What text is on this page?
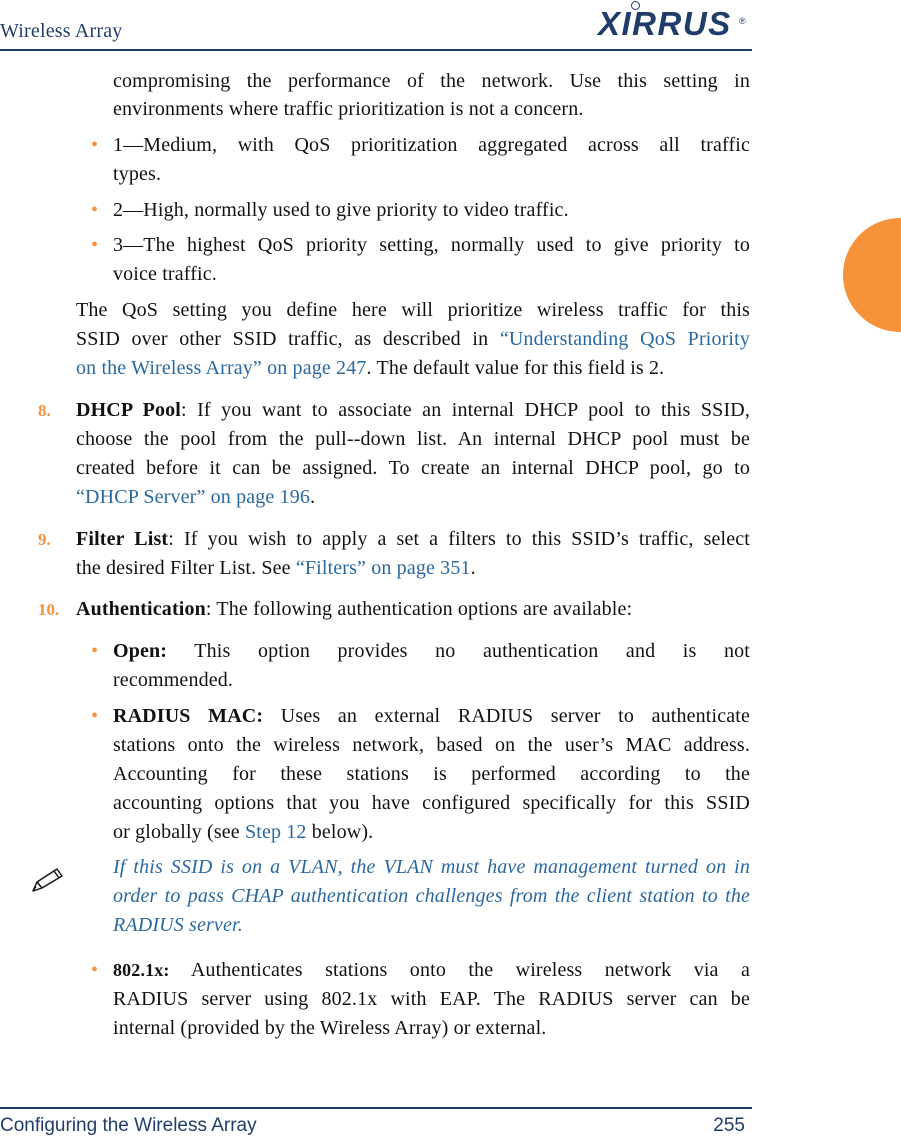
Wireless Array	XIRRUS ®
compromising the performance of the network. Use this setting in
environments where traffic prioritization is not a concern.
• 1—Medium, with QoS prioritization aggregated across all traffic
types.
• 2—High, normally used to give priority to video traffic.
• 3—The highest QoS priority setting, normally used to give priority to
voice traffic.
The QoS setting you define here will prioritize wireless traffic for this
SSID over other SSID traffic, as described in “Understanding QoS Priority
on the Wireless Array” on page 247. The default value for this field is 2.
8. DHCP Pool: If you want to associate an internal DHCP pool to this SSID,
choose the pool from the pull--down list. An internal DHCP pool must be
created before it can be assigned. To create an internal DHCP pool, go to
“DHCP Server” on page 196.
9. Filter List: If you wish to apply a set a filters to this SSID’s traffic, select
the desired Filter List. See “Filters” on page 351.
10. Authentication: The following authentication options are available:
• Open: This option provides no authentication and is not
recommended.
• RADIUS MAC: Uses an external RADIUS server to authenticate
stations onto the wireless network, based on the user’s MAC address.
Accounting for these stations is performed according to the
accounting options that you have configured specifically for this SSID
or globally (see Step 12 below).
If this SSID is on a VLAN, the VLAN must have management turned on in
order to pass CHAP authentication challenges from the client station to the
RADIUS server.
• 802.1x: Authenticates stations onto the wireless network via a
RADIUS server using 802.1x with EAP. The RADIUS server can be
internal (provided by the Wireless Array) or external.
Configuring the Wireless Array	255
